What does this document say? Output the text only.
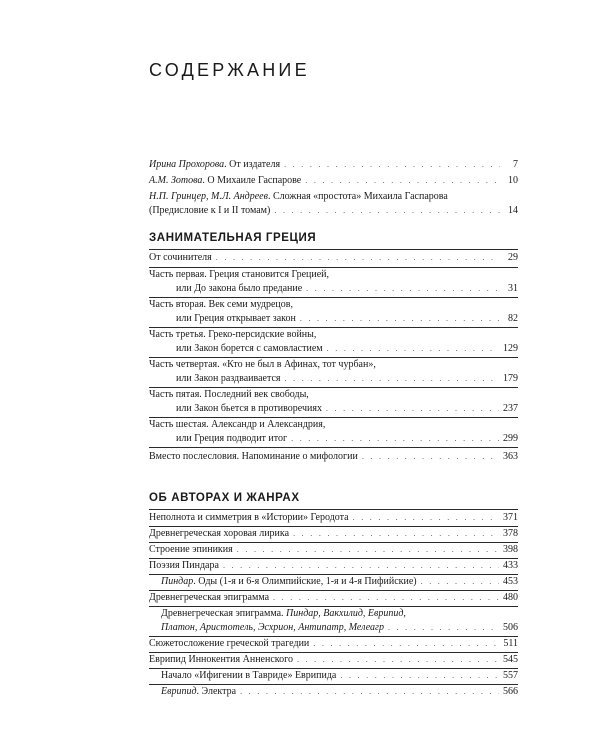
СОДЕРЖАНИЕ
Ирина Прохорова. От издателя . . .	7
А.М. Зотова. О Михаиле Гаспарове . . .	10
Н.П. Гринцер, М.Л. Андреев. Сложная «простота» Михаила Гаспарова
(Предисловие к I и II томам) . . .	14
ЗАНИМАТЕЛЬНАЯ ГРЕЦИЯ
От сочинителя . . .	29
Часть первая. Греция становится Грецией,
или До закона было предание . . .	31
Часть вторая. Век семи мудрецов,
или Греция открывает закон . . .	82
Часть третья. Греко-персидские войны,
или Закон борется с самовластием . . .	129
Часть четвертая. «Кто не был в Афинах, тот чурбан»,
или Закон раздваивается . . .	179
Часть пятая. Последний век свободы,
или Закон бьется в противоречиях . . .	237
Часть шестая. Александр и Александрия,
или Греция подводит итог . . .	299
Вместо послесловия. Напоминание о мифологии . . .	363
ОБ АВТОРАХ И ЖАНРАХ
Неполнота и симметрия в «Истории» Геродота . . .	371
Древнегреческая хоровая лирика . . .	378
Строение эпиникия . . .	398
Поэзия Пиндара . . .	433
Пиндар. Оды (1-я и 6-я Олимпийские, 1-я и 4-я Пифийские) . . .	453
Древнегреческая эпиграмма . . .	480
Древнегреческая эпиграмма. Пиндар, Вакхилид, Еврипид,
Платон, Аристотель, Эсхрион, Антипатр, Мелеагр . . .	506
Сюжетосложение греческой трагедии . . .	511
Еврипид Иннокентия Анненского . . .	545
Начало «Ифигении в Тавриде» Еврипида . . .	557
Еврипид. Электра . . .	566
